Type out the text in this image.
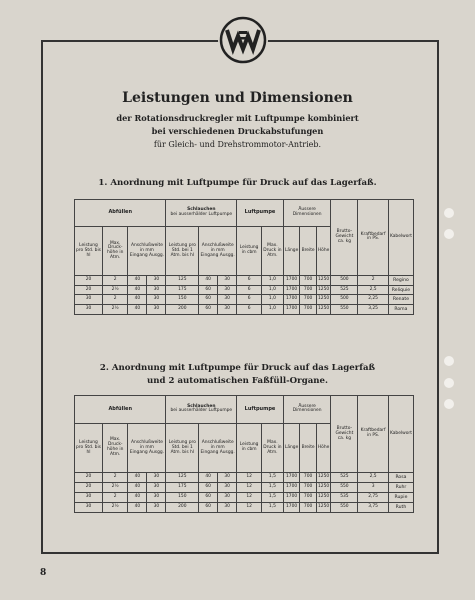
Leistungen und Dimensionen
der Rotationsdruckregler mit Luftpumpe kombiniert
bei verschiedenen Druckabstufungen
für Gleich- und Drehstrommotor-Antrieb.
1. Anordnung mit Luftpumpe für Druck auf das Lagerfaß.
Abfüllen				Schlauchen
bei ausserhälder Luftpumpe			Luftpumpe		Äussere Dimensionen			Brutto-Gewicht ca. kg	Kraftbedarf in PS.	Kabelwort
Leistung pro Std. bis hl	Max. Druck-höhe in Atm.	Anschlußweite in mm
Eingang Ausgg.		Leistung pro Std. bei 1 Atm. bis hl	Anschlußweite in mm
Eingang Ausgg.		Leistung in cbm	Max. Druck in Atm.	Länge	Breite	Höhe			
20	2	40	30	125	40	30	6	1,0	1700	700	1250	500	2	Regino
20	2½	40	30	175	60	30	6	1,0	1700	700	1250	525	2,5	Reliquie
30	2	40	30	150	60	30	6	1,0	1700	700	1250	500	2,25	Renate
30	2½	40	30	200	60	30	6	1,0	1700	700	1250	550	3,25	Roma
2. Anordnung mit Luftpumpe für Druck auf das Lagerfaß
und 2 automatischen Faßfüll-Organe.
Abfüllen				Schlauchen
bei ausserhälder Luftpumpe			Luftpumpe		Äussere Dimensionen			Brutto-Gewicht ca. kg	Kraftbedarf in PS.	Kabelwort
Leistung pro Std. bis hl	Max. Druck-höhe in Atm.	Anschlußweite in mm
Eingang Ausgg.		Leistung pro Std. bei 1 Atm. bis hl	Anschlußweite in mm
Eingang Ausgg.		Leistung in cbm	Max. Druck in Atm.	Länge	Breite	Höhe			
20	2	40	30	125	40	30	12	1,5	1700	700	1250	525	2,5	Rosa
20	2½	40	30	175	60	30	12	1,5	1700	700	1250	550	3	Ruhr
30	2	40	30	150	60	30	12	1,5	1700	700	1250	535	2,75	Rupie
30	2½	40	30	200	60	30	12	1,5	1700	700	1250	550	3,75	Ruth
8
